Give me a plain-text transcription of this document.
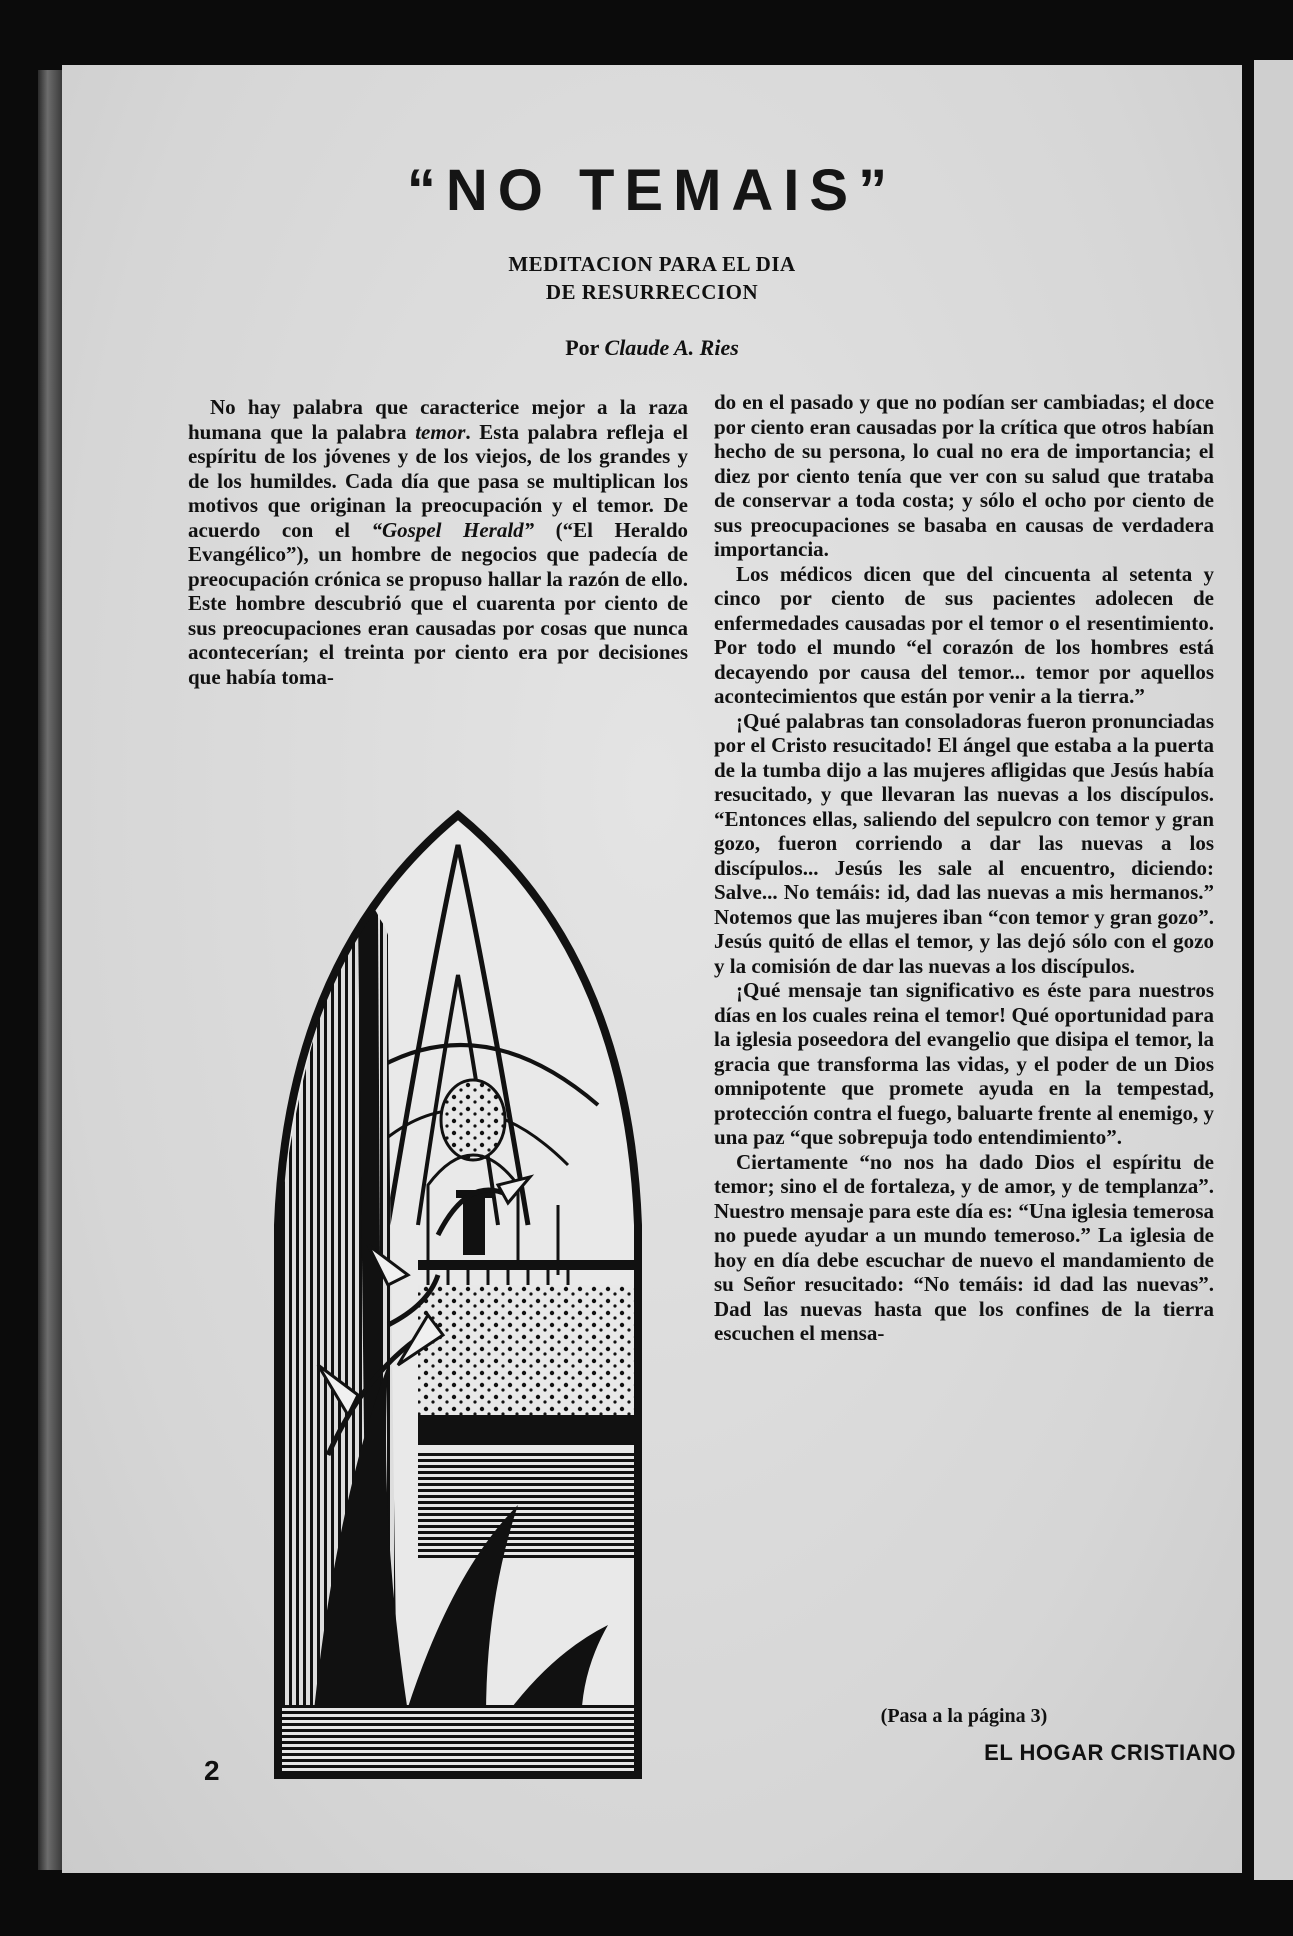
“NO TEMAIS”
MEDITACION PARA EL DIA
DE RESURRECCION
Por Claude A. Ries

No hay palabra que caracterice mejor a la raza humana que la palabra temor. Esta palabra refleja el espíritu de los jóvenes y de los viejos, de los grandes y de los humildes. Cada día que pasa se multiplican los motivos que originan la preocupación y el temor. De acuerdo con el “Gospel Herald” (“El Heraldo Evangélico”), un hombre de negocios que padecía de preocupación crónica se propuso hallar la razón de ello. Este hombre descubrió que el cuarenta por ciento de sus preocupaciones eran causadas por cosas que nunca acontecerían; el treinta por ciento era por decisiones que había toma-

do en el pasado y que no podían ser cambiadas; el doce por ciento eran causadas por la crítica que otros habían hecho de su persona, lo cual no era de importancia; el diez por ciento tenía que ver con su salud que trataba de conservar a toda costa; y sólo el ocho por ciento de sus preocupaciones se basaba en causas de verdadera importancia.

Los médicos dicen que del cincuenta al setenta y cinco por ciento de sus pacientes adolecen de enfermedades causadas por el temor o el resentimiento. Por todo el mundo “el corazón de los hombres está decayendo por causa del temor... temor por aquellos acontecimientos que están por venir a la tierra.”

¡Qué palabras tan consoladoras fueron pronunciadas por el Cristo resucitado! El ángel que estaba a la puerta de la tumba dijo a las mujeres afligidas que Jesús había resucitado, y que llevaran las nuevas a los discípulos. “Entonces ellas, saliendo del sepulcro con temor y gran gozo, fueron corriendo a dar las nuevas a los discípulos... Jesús les sale al encuentro, diciendo: Salve... No temáis: id, dad las nuevas a mis hermanos.” Notemos que las mujeres iban “con temor y gran gozo”. Jesús quitó de ellas el temor, y las dejó sólo con el gozo y la comisión de dar las nuevas a los discípulos.

¡Qué mensaje tan significativo es éste para nuestros días en los cuales reina el temor! Qué oportunidad para la iglesia poseedora del evangelio que disipa el temor, la gracia que transforma las vidas, y el poder de un Dios omnipotente que promete ayuda en la tempestad, protección contra el fuego, baluarte frente al enemigo, y una paz “que sobrepuja todo entendimiento”.

Ciertamente “no nos ha dado Dios el espíritu de temor; sino el de fortaleza, y de amor, y de templanza”. Nuestro mensaje para este día es: “Una iglesia temerosa no puede ayudar a un mundo temeroso.” La iglesia de hoy en día debe escuchar de nuevo el mandamiento de su Señor resucitado: “No temáis: id dad las nuevas”. Dad las nuevas hasta que los confines de la tierra escuchen el mensa-

(Pasa a la página 3)
2
EL HOGAR CRISTIANO
